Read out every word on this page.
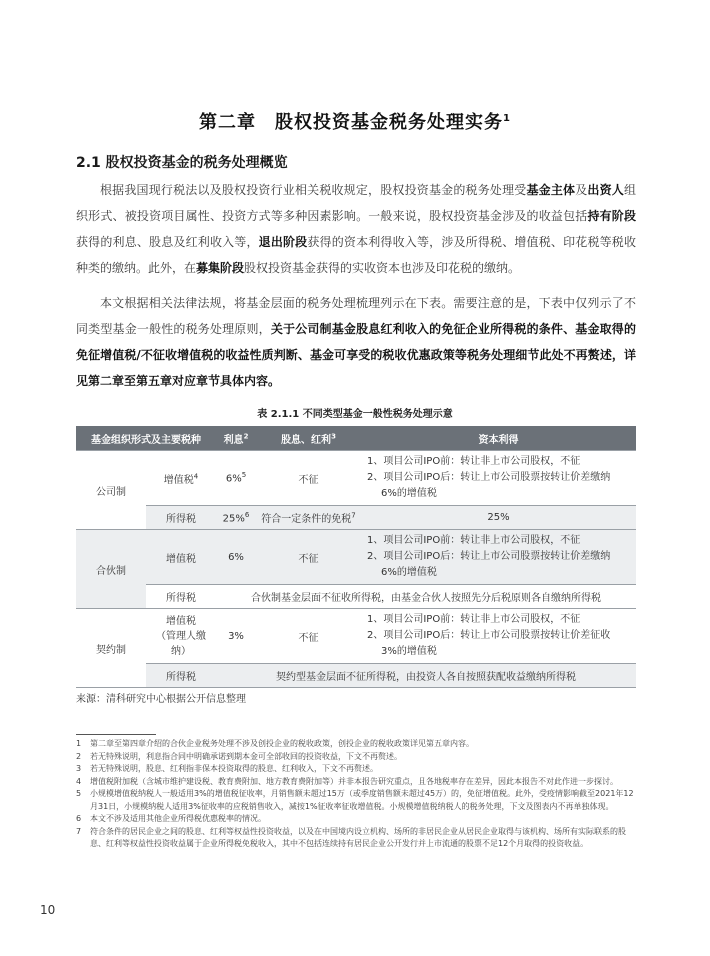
第二章　股权投资基金税务处理实务$^1$
2.1 股权投资基金的税务处理概览

根据我国现行税法以及股权投资行业相关税收规定，股权投资基金的税务处理受基金主体及出资人组织形式、被投资项目属性、投资方式等多种因素影响。一般来说，股权投资基金涉及的收益包括持有阶段获得的利息、股息及红利收入等，退出阶段获得的资本利得收入等，涉及所得税、增值税、印花税等税收种类的缴纳。此外，在募集阶段股权投资基金获得的实收资本也涉及印花税的缴纳。

本文根据相关法律法规，将基金层面的税务处理梳理列示在下表。需要注意的是，下表中仅列示了不同类型基金一般性的税务处理原则，关于公司制基金股息红利收入的免征企业所得税的条件、基金取得的免征增值税/不征收增值税的收益性质判断、基金可享受的税收优惠政策等税务处理细节此处不再赘述，详见第二章至第五章对应章节具体内容。

表 2.1.1 不同类型基金一般性税务处理示意
基金组织形式及主要税种		利息$^2$	股息、红利$^3$	资本利得
公司制	增值税$^4$	6%$^5$	不征	1、项目公司IPO前：转让非上市公司股权，不征
2、项目公司IPO后：转让上市公司股票按转让价差缴纳
6%的增值税

	所得税	25%$^6$	符合一定条件的免税$^7$	25%
合伙制	增值税	6%	不征	1、项目公司IPO前：转让非上市公司股权，不征
2、项目公司IPO后：转让上市公司股票按转让价差缴纳
6%的增值税

	所得税	合伙制基金层面不征收所得税，由基金合伙人按照先分后税原则各自缴纳所得税		
契约制	增值税
（管理人缴纳）	3%	不征	1、项目公司IPO前：转让非上市公司股权，不征
2、项目公司IPO后：转让上市公司股票按转让价差征收
3%的增值税

	所得税	契约型基金层面不征所得税，由投资人各自按照获配收益缴纳所得税		
来源：清科研究中心根据公开信息整理
1	第二章至第四章介绍的合伙企业税务处理不涉及创投企业的税收政策，创投企业的税收政策详见第五章内容。
2	若无特殊说明，利息指合同中明确承诺到期本金可全部收回的投资收益，下文不再赘述。
3	若无特殊说明，股息、红利指非保本投资取得的股息、红利收入，下文不再赘述。
4	增值税附加税（含城市维护建设税、教育费附加、地方教育费附加等）并非本报告研究重点，且各地税率存在差异，因此本报告不对此作进一步探讨。
5	小规模增值税纳税人一般适用3%的增值税征收率，月销售额未超过15万（或季度销售额未超过45万）的，免征增值税。此外，受疫情影响截至2021年12月31日，小规模纳税人适用3%征收率的应税销售收入，减按1%征收率征收增值税。小规模增值税纳税人的税务处理，下文及图表内不再单独体现。
6	本文不涉及适用其他企业所得税优惠税率的情况。
7	符合条件的居民企业之间的股息、红利等权益性投资收益，以及在中国境内设立机构、场所的非居民企业从居民企业取得与该机构、场所有实际联系的股息、红利等权益性投资收益属于企业所得税免税收入，其中不包括连续持有居民企业公开发行并上市流通的股票不足12个月取得的投资收益。
10
